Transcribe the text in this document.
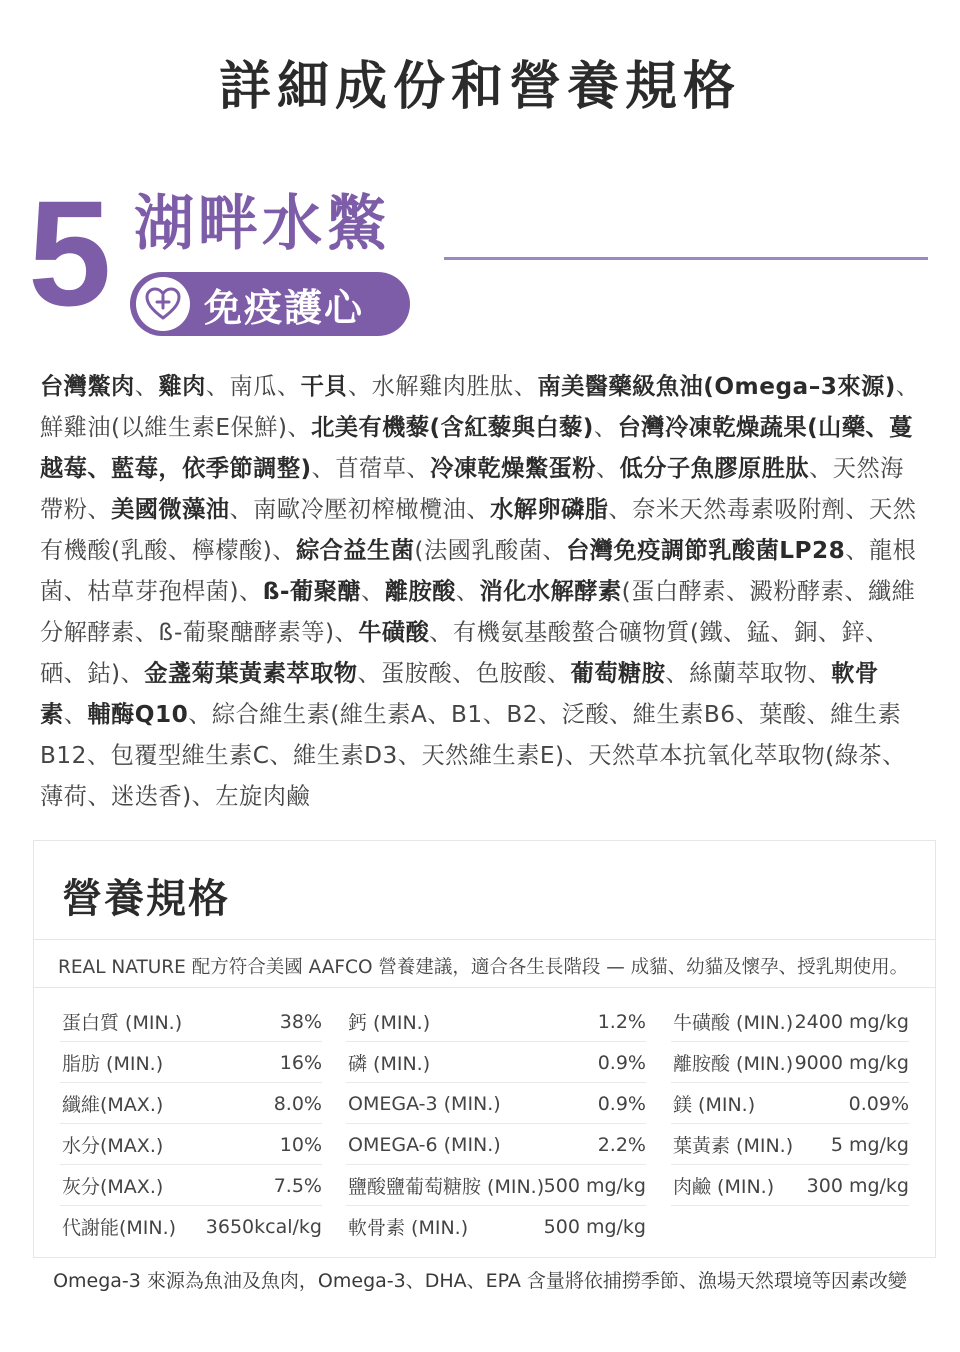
詳細成份和營養規格
5 湖畔水鱉
免疫護心

台灣鱉肉、雞肉、南瓜、干貝、水解雞肉胜肽、南美醫藥級魚油(Omega–3來源)、鮮雞油(以維生素E保鮮)、北美有機藜(含紅藜與白藜)、台灣冷凍乾燥蔬果(山藥、蔓越莓、藍莓，依季節調整)、苜蓿草、冷凍乾燥鱉蛋粉、低分子魚膠原胜肽、天然海帶粉、美國微藻油、南歐冷壓初榨橄欖油、水解卵磷脂、奈米天然毒素吸附劑、天然有機酸(乳酸、檸檬酸)、綜合益生菌(法國乳酸菌、台灣免疫調節乳酸菌LP28、龍根菌、枯草芽孢桿菌)、ß-葡聚醣、離胺酸、消化水解酵素(蛋白酵素、澱粉酵素、纖維分解酵素、ß-葡聚醣酵素等)、牛磺酸、有機氨基酸螯合礦物質(鐵、錳、銅、鋅、硒、鈷)、金盞菊葉黃素萃取物、蛋胺酸、色胺酸、葡萄糖胺、絲蘭萃取物、軟骨素、輔酶Q10、綜合維生素(維生素A、B1、B2、泛酸、維生素B6、葉酸、維生素B12、包覆型維生素C、維生素D3、天然維生素E)、天然草本抗氧化萃取物(綠茶、薄荷、迷迭香)、左旋肉鹼

營養規格
REAL NATURE 配方符合美國 AAFCO 營養建議，適合各生長階段 — 成貓、幼貓及懷孕、授乳期使用。
蛋白質 (MIN.)	38% 鈣 (MIN.)	1.2% 牛磺酸 (MIN.) 2400 mg/kg
脂肪 (MIN.)	16% 磷 (MIN.)	0.9% 離胺酸 (MIN.) 9000 mg/kg
纖維(MAX.)	8.0% OMEGA-3 (MIN.)	0.9% 鎂 (MIN.)	0.09%
水分(MAX.)	10% OMEGA-6 (MIN.)	2.2% 葉黃素 (MIN.)	5 mg/kg
灰分(MAX.)	7.5% 鹽酸鹽葡萄糖胺 (MIN.) 500 mg/kg 肉鹼 (MIN.)	300 mg/kg
代謝能(MIN.) 3650kcal/kg 軟骨素 (MIN.)	500 mg/kg
Omega-3 來源為魚油及魚肉，Omega-3、DHA、EPA 含量將依捕撈季節、漁場天然環境等因素改變
